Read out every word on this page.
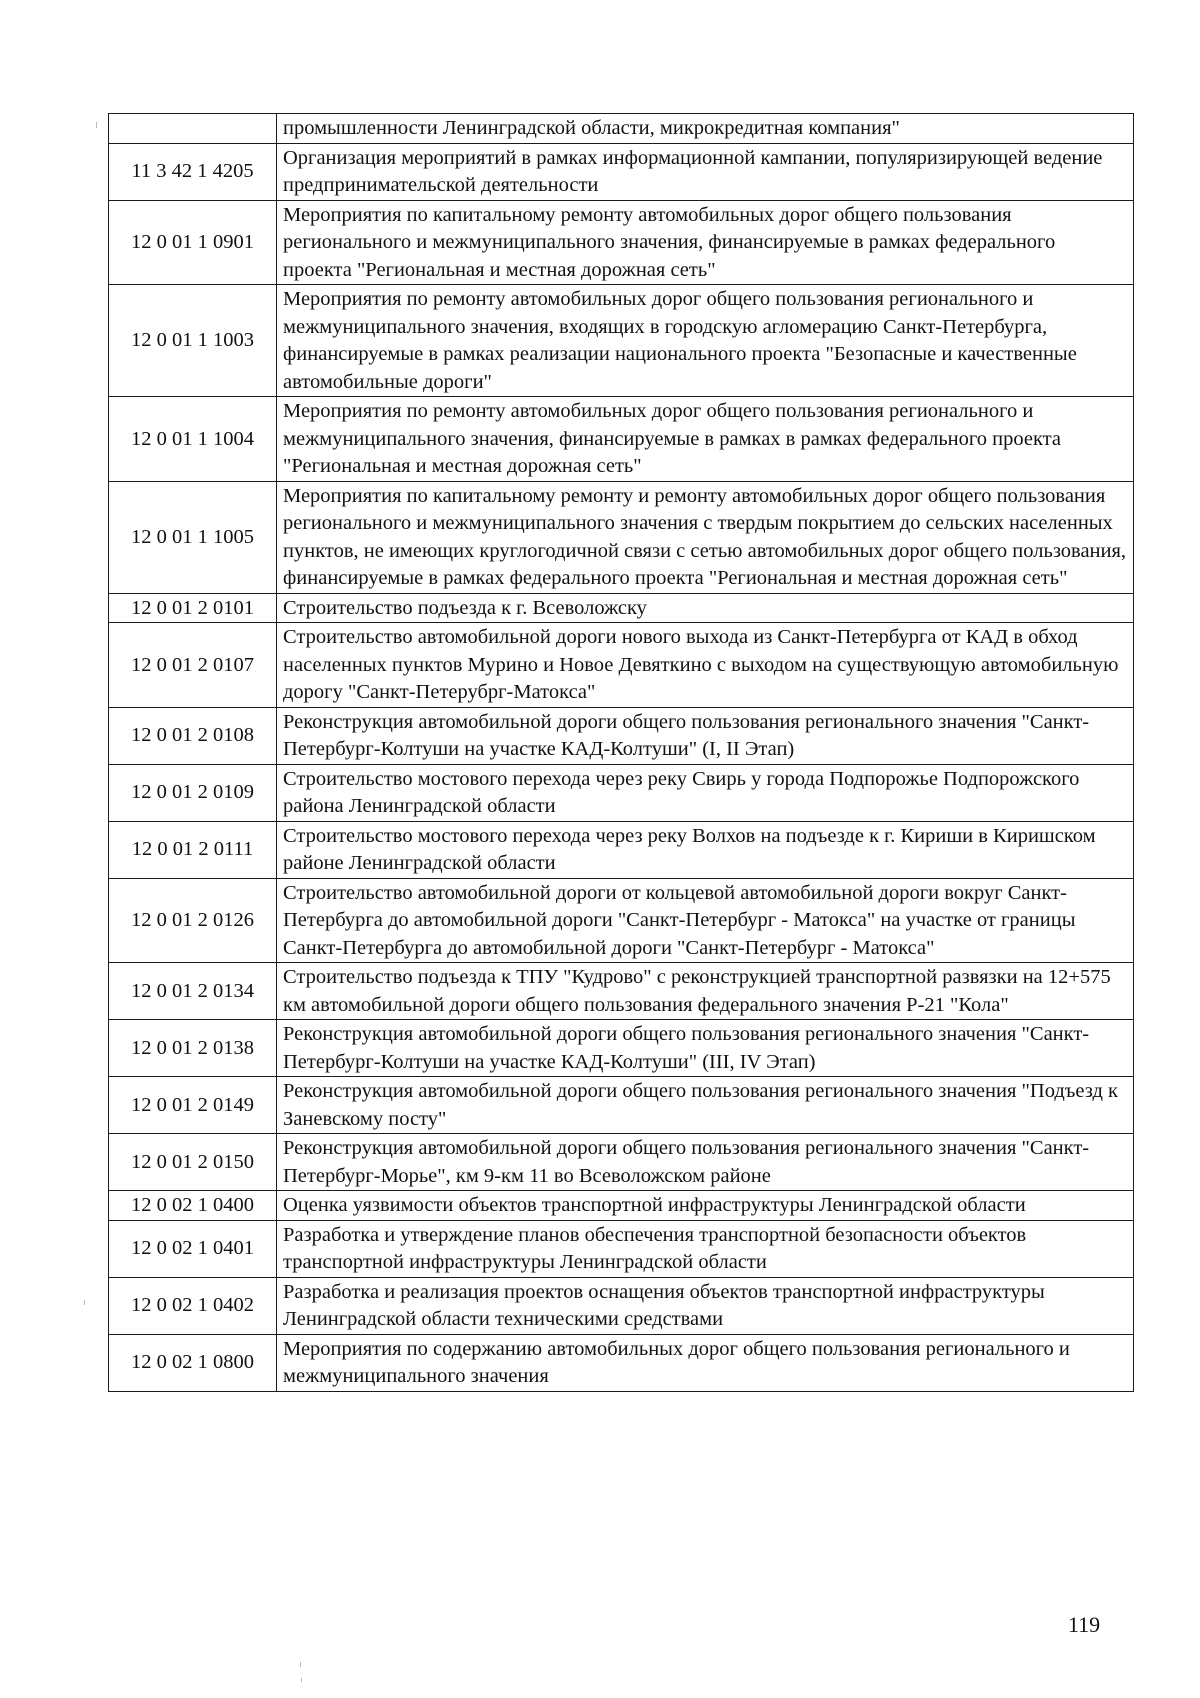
	промышленности Ленинградской области, микрокредитная компания"
11 3 42 1 4205	Организация мероприятий в рамках информационной кампании, популяризирующей ведение предпринимательской деятельности
12 0 01 1 0901	Мероприятия по капитальному ремонту автомобильных дорог общего пользования регионального и межмуниципального значения, финансируемые в рамках федерального проекта "Региональная и местная дорожная сеть"
12 0 01 1 1003	Мероприятия по ремонту автомобильных дорог общего пользования регионального и межмуниципального значения, входящих в городскую агломерацию Санкт-Петербурга, финансируемые в рамках реализации национального проекта "Безопасные и качественные автомобильные дороги"
12 0 01 1 1004	Мероприятия по ремонту автомобильных дорог общего пользования регионального и межмуниципального значения, финансируемые в рамках в рамках федерального проекта "Региональная и местная дорожная сеть"
12 0 01 1 1005	Мероприятия по капитальному ремонту и ремонту автомобильных дорог общего пользования регионального и межмуниципального значения с твердым покрытием до сельских населенных пунктов, не имеющих круглогодичной связи с сетью автомобильных дорог общего пользования, финансируемые в рамках федерального проекта "Региональная и местная дорожная сеть"
12 0 01 2 0101	Строительство подъезда к г. Всеволожску
12 0 01 2 0107	Строительство автомобильной дороги нового выхода из Санкт-Петербурга от КАД в обход населенных пунктов Мурино и Новое Девяткино с выходом на существующую автомобильную дорогу "Санкт-Петерубрг-Матокса"
12 0 01 2 0108	Реконструкция автомобильной дороги общего пользования регионального значения "Санкт-Петербург-Колтуши на участке КАД-Колтуши" (I, II Этап)
12 0 01 2 0109	Строительство мостового перехода через реку Свирь у города Подпорожье Подпорожского района Ленинградской области
12 0 01 2 0111	Строительство мостового перехода через реку Волхов на подъезде к г. Кириши в Киришском районе Ленинградской области
12 0 01 2 0126	Строительство автомобильной дороги от кольцевой автомобильной дороги вокруг Санкт-Петербурга до автомобильной дороги "Санкт-Петербург - Матокса" на участке от границы Санкт-Петербурга до автомобильной дороги "Санкт-Петербург - Матокса"
12 0 01 2 0134	Строительство подъезда к ТПУ "Кудрово" с реконструкцией транспортной развязки на 12+575 км автомобильной дороги общего пользования федерального значения Р-21 "Кола"
12 0 01 2 0138	Реконструкция автомобильной дороги общего пользования регионального значения "Санкт-Петербург-Колтуши на участке КАД-Колтуши" (III, IV Этап)
12 0 01 2 0149	Реконструкция автомобильной дороги общего пользования регионального значения "Подъезд к Заневскому посту"
12 0 01 2 0150	Реконструкция автомобильной дороги общего пользования регионального значения "Санкт-Петербург-Морье", км 9-км 11 во Всеволожском районе
12 0 02 1 0400	Оценка уязвимости объектов транспортной инфраструктуры Ленинградской области
12 0 02 1 0401	Разработка и утверждение планов обеспечения транспортной безопасности объектов транспортной инфраструктуры Ленинградской области
12 0 02 1 0402	Разработка и реализация проектов оснащения объектов транспортной инфраструктуры Ленинградской области техническими средствами
12 0 02 1 0800	Мероприятия по содержанию автомобильных дорог общего пользования регионального и межмуниципального значения
119
